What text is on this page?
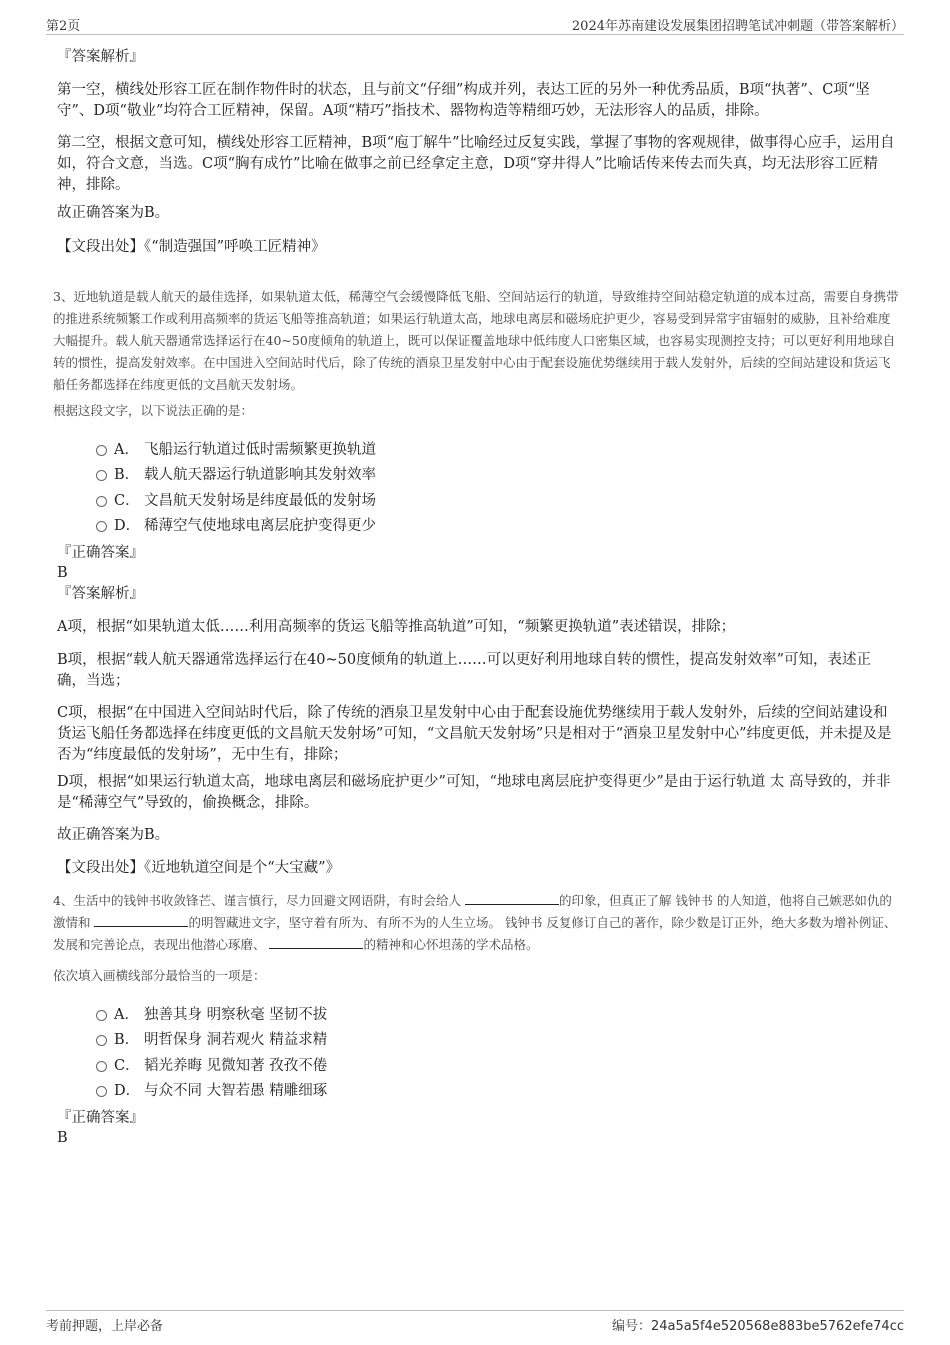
第2页	2024年苏南建设发展集团招聘笔试冲刺题（带答案解析）
『答案解析』
第一空，横线处形容工匠在制作物件时的状态，且与前文“仔细”构成并列，表达工匠的另外一种优秀品质，B项“执著”、C项“坚守”、D项“敬业”均符合工匠精神，保留。A项“精巧”指技术、器物构造等精细巧妙，无法形容人的品质，排除。
第二空，根据文意可知，横线处形容工匠精神，B项“庖丁解牛”比喻经过反复实践，掌握了事物的客观规律，做事得心应手，运用自如，符合文意，当选。C项“胸有成竹”比喻在做事之前已经拿定主意，D项“穿井得人”比喻话传来传去而失真，均无法形容工匠精神，排除。
故正确答案为B。
【文段出处】《“制造强国”呼唤工匠精神》
3、近地轨道是载人航天的最佳选择，如果轨道太低，稀薄空气会缓慢降低飞船、空间站运行的轨道，导致维持空间站稳定轨道的成本过高，需要自身携带的推进系统频繁工作或利用高频率的货运飞船等推高轨道；如果运行轨道太高，地球电离层和磁场庇护更少，容易受到异常宇宙辐射的威胁，且补给难度大幅提升。载人航天器通常选择运行在40~50度倾角的轨道上，既可以保证覆盖地球中低纬度人口密集区域，也容易实现测控支持；可以更好利用地球自转的惯性，提高发射效率。在中国进入空间站时代后，除了传统的酒泉卫星发射中心由于配套设施优势继续用于载人发射外，后续的空间站建设和货运飞船任务都选择在纬度更低的文昌航天发射场。
根据这段文字，以下说法正确的是：
A． 飞船运行轨道过低时需频繁更换轨道
B． 载人航天器运行轨道影响其发射效率
C． 文昌航天发射场是纬度最低的发射场
D． 稀薄空气使地球电离层庇护变得更少
『正确答案』
B
『答案解析』
A项，根据“如果轨道太低……利用高频率的货运飞船等推高轨道”可知，“频繁更换轨道”表述错误，排除；
B项，根据“载人航天器通常选择运行在40~50度倾角的轨道上……可以更好利用地球自转的惯性，提高发射效率”可知，表述正确，当选；
C项，根据“在中国进入空间站时代后，除了传统的酒泉卫星发射中心由于配套设施优势继续用于载人发射外，后续的空间站建设和货运飞船任务都选择在纬度更低的文昌航天发射场”可知，“文昌航天发射场”只是相对于“酒泉卫星发射中心”纬度更低，并未提及是否为“纬度最低的发射场”，无中生有，排除；
D项，根据“如果运行轨道太高，地球电离层和磁场庇护更少”可知，“地球电离层庇护变得更少”是由于运行轨道 太 高导致的，并非是“稀薄空气”导致的，偷换概念，排除。
故正确答案为B。
【文段出处】《近地轨道空间是个“大宝藏”》
4、生活中的钱钟书收敛锋芒、谨言慎行，尽力回避文网语阱，有时会给人	的印象，但真正了解 钱钟书 的人知道，他将自己嫉恶如仇的激情和	的明智藏进文字，坚守着有所为、有所不为的人生立场。 钱钟书 反复修订自己的著作，除少数是订正外，绝大多数为增补例证、发展和完善论点，表现出他潜心琢磨、	的精神和心怀坦荡的学术品格。
依次填入画横线部分最恰当的一项是：
A． 独善其身 明察秋毫 坚韧不拔
B． 明哲保身 洞若观火 精益求精
C． 韬光养晦 见微知著 孜孜不倦
D． 与众不同 大智若愚 精雕细琢
『正确答案』
B
考前押题，上岸必备	编号：24a5a5f4e520568e883be5762efe74cc
